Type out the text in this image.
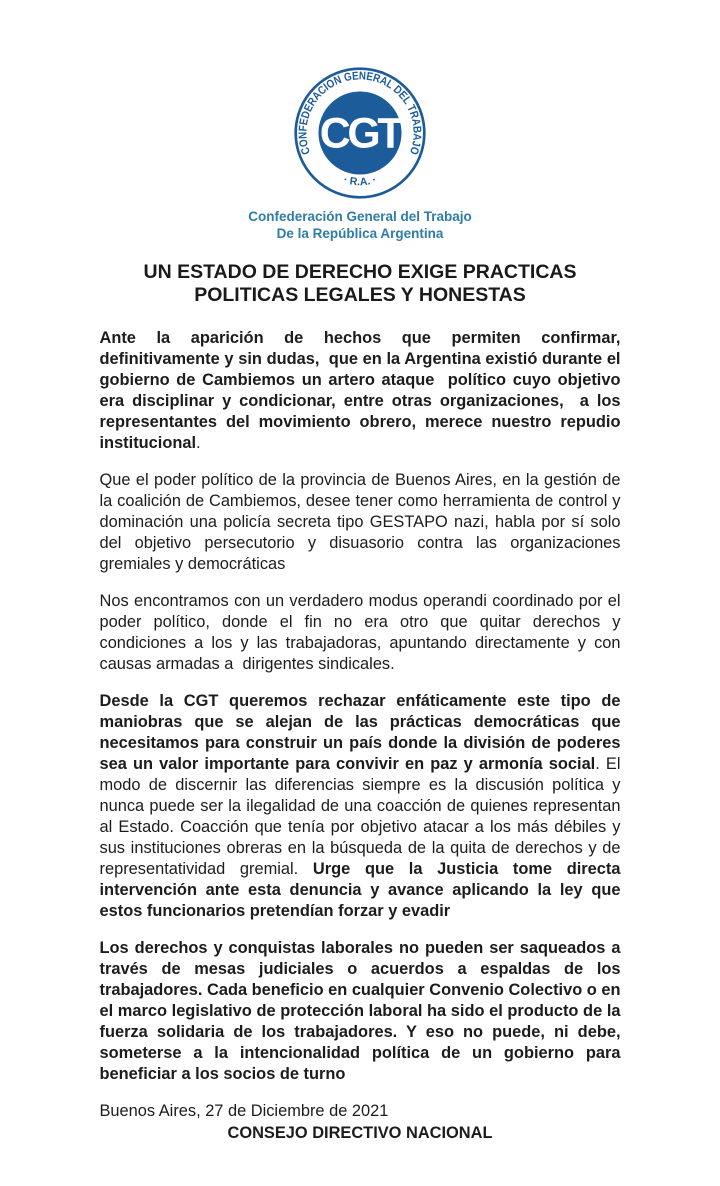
CONFEDERACION GENERAL DEL TRABAJO
· R.A. ·
CGT
Confederación General del Trabajo
De la República Argentina
UN ESTADO DE DERECHO EXIGE PRACTICAS
POLITICAS LEGALES Y HONESTAS

Ante la aparición de hechos que permiten confirmar, definitivamente y sin dudas,  que en la Argentina existió durante el gobierno de Cambiemos un artero ataque  político cuyo objetivo era disciplinar y condicionar, entre otras organizaciones,  a los representantes del movimiento obrero, merece nuestro repudio institucional.

Que el poder político de la provincia de Buenos Aires, en la gestión de la coalición de Cambiemos, desee tener como herramienta de control y dominación una policía secreta tipo GESTAPO nazi, habla por sí solo del objetivo persecutorio y disuasorio contra las organizaciones gremiales y democráticas

Nos encontramos con un verdadero modus operandi coordinado por el poder político, donde el fin no era otro que quitar derechos y condiciones a los y las trabajadoras, apuntando directamente y con causas armadas a  dirigentes sindicales.

Desde la CGT queremos rechazar enfáticamente este tipo de maniobras que se alejan de las prácticas democráticas que necesitamos para construir un país donde la división de poderes sea un valor importante para convivir en paz y armonía social. El modo de discernir las diferencias siempre es la discusión política y nunca puede ser la ilegalidad de una coacción de quienes representan al Estado. Coacción que tenía por objetivo atacar a los más débiles y sus instituciones obreras en la búsqueda de la quita de derechos y de representatividad gremial. Urge que la Justicia tome directa intervención ante esta denuncia y avance aplicando la ley que estos funcionarios pretendían forzar y evadir

Los derechos y conquistas laborales no pueden ser saqueados a través de mesas judiciales o acuerdos a espaldas de los trabajadores. Cada beneficio en cualquier Convenio Colectivo o en el marco legislativo de protección laboral ha sido el producto de la fuerza solidaria de los trabajadores. Y eso no puede, ni debe, someterse a la intencionalidad política de un gobierno para beneficiar a los socios de turno

Buenos Aires, 27 de Diciembre de 2021
CONSEJO DIRECTIVO NACIONAL
